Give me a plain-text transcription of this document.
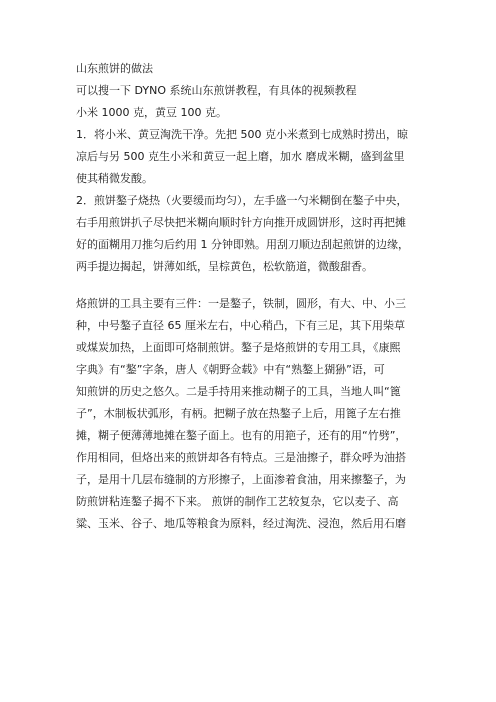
山东煎饼的做法
可以搜一下 DYNO 系统山东煎饼教程，有具体的视频教程
小米 1000 克，黄豆 100 克。
1．将小米、黄豆淘洗干净。先把 500 克小米煮到七成熟时捞出，晾
凉后与另 500 克生小米和黄豆一起上磨，加水 磨成米糊，盛到盆里
使其稍微发酸。
2．煎饼鏊子烧热（火要缓而均匀），左手盛一勺米糊倒在鏊子中央，
右手用煎饼扒子尽快把米糊向顺时针方向推开成圆饼形，这时再把摊
好的面糊用刀推匀后约用 1 分钟即熟。用刮刀顺边刮起煎饼的边缘，
两手提边揭起，饼薄如纸，呈棕黄色，松软筋道，微酸甜香。
烙煎饼的工具主要有三件：一是鏊子，铁制，圆形，有大、中、小三
种，中号鏊子直径 65 厘米左右，中心稍凸，下有三足，其下用柴草
或煤炭加热，上面即可烙制煎饼。鏊子是烙煎饼的专用工具，《康熙
字典》有“鏊”字条，唐人《朝野佥载》中有“熟鏊上猢狲”语，可
知煎饼的历史之悠久。二是手持用来推动糊子的工具，当地人叫“篦
子”，木制板状弧形，有柄。把糊子放在热鏊子上后，用篦子左右推
摊，糊子便薄薄地摊在鏊子面上。也有的用筢子，还有的用“竹劈”，
作用相同，但烙出来的煎饼却各有特点。三是油擦子，群众呼为油搭
子，是用十几层布缝制的方形擦子，上面渗着食油，用来擦鏊子，为
防煎饼粘连鏊子揭不下来。 煎饼的制作工艺较复杂，它以麦子、高
粱、玉米、谷子、地瓜等粮食为原料，经过淘洗、浸泡，然后用石磨
